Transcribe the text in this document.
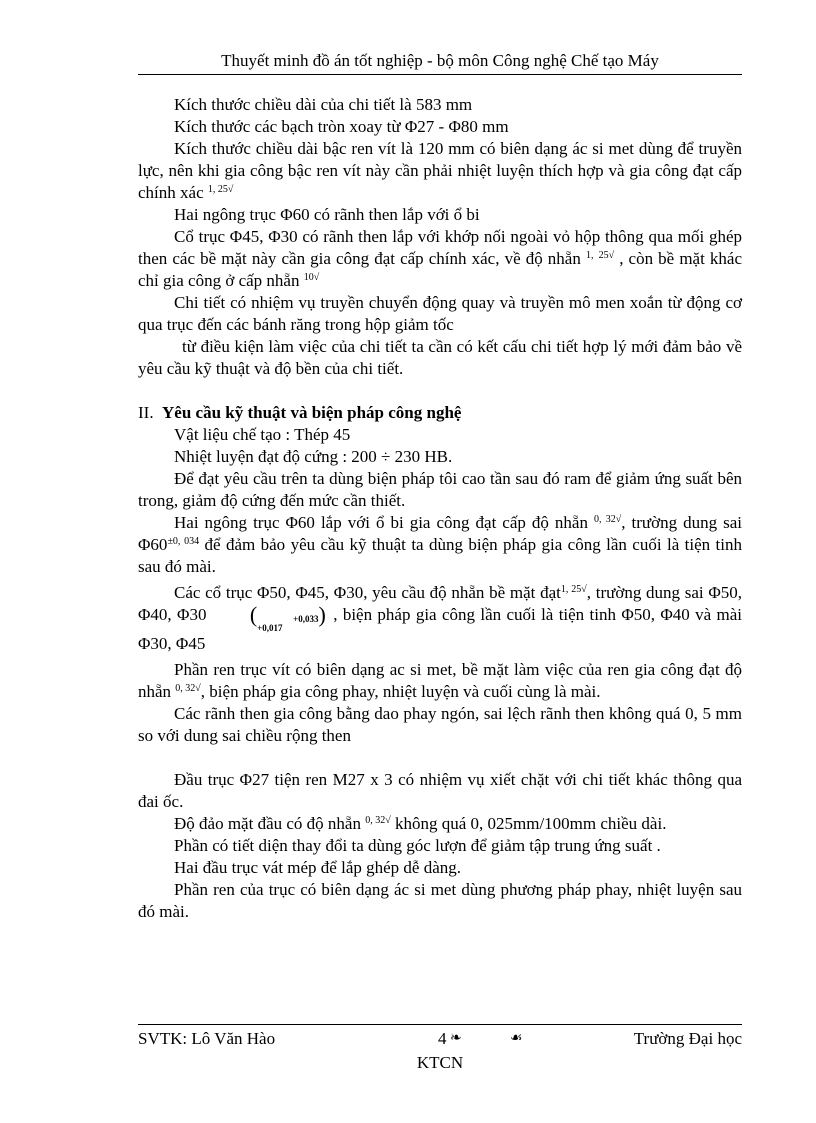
Thuyết minh đồ án tốt nghiệp - bộ môn Công nghệ Chế tạo Máy

Kích thước chiều dài của chi tiết là 583 mm

Kích thước các bạch tròn xoay từ Φ27 - Φ80 mm

Kích thước chiều dài bậc ren vít là 120 mm có biên dạng ác si met dùng để truyền lực, nên khi gia công bậc ren vít này cần phải nhiệt luyện thích hợp và gia công đạt cấp chính xác $^{1, 25√}$

Hai ngông trục Φ60 có rãnh then lắp với ổ bi

Cổ trục Φ45, Φ30 có rãnh then lắp với khớp nối ngoài vỏ hộp thông qua mối ghép then các bề mặt này cần gia công đạt cấp chính xác, về độ nhẵn $^{1,}$ $^{25√}$ , còn bề mặt khác chỉ gia công ở cấp nhẵn $^{10√}$

Chi tiết có nhiệm vụ truyền chuyển động quay và truyền mô men xoắn từ động cơ qua trục đến các bánh răng trong hộp giảm tốc

từ điều kiện làm việc của chi tiết ta cần có kết cấu chi tiết hợp lý mới đảm bảo về yêu cầu kỹ thuật và độ bền của chi tiết.

II. Yêu cầu kỹ thuật và biện pháp công nghệ

Vật liệu chế tạo : Thép 45

Nhiệt luyện đạt độ cứng : 200 ÷ 230 HB.

Để đạt yêu cầu trên ta dùng biện pháp tôi cao tần sau đó ram để giảm ứng suất bên trong, giảm độ cứng đến mức cần thiết.

Hai ngông trục Φ60 lắp với ổ bi gia công đạt cấp độ nhẵn $^{0, 32√}$, trường dung sai $\Phi 60^{\pm 0, 034}$ để đảm bảo yêu cầu kỹ thuật ta dùng biện pháp gia công lần cuối là tiện tinh sau đó mài.

Các cổ trục Φ50, Φ45, Φ30, yêu cầu độ nhẵn bề mặt đạt$^{1, 25√}$, trường dung sai Φ50, Φ40, Φ30 (	+0,033
+0,017) , biện pháp gia công lần cuối là tiện tinh Φ50, Φ40 và mài Φ30, Φ45

Phần ren trục vít có biên dạng ac si met, bề mặt làm việc của ren gia công đạt độ nhẵn $^{0, 32√}$, biện pháp gia công phay, nhiệt luyện và cuối cùng là mài.

Các rãnh then gia công bằng dao phay ngón, sai lệch rãnh then không quá 0, 5 mm so với dung sai chiều rộng then

Đầu trục Φ27 tiện ren M27 x 3 có nhiệm vụ xiết chặt với chi tiết khác thông qua đai ốc.

Độ đảo mặt đầu có độ nhẵn $^{0, 32√}$ không quá 0, 025mm/100mm chiều dài.

Phần có tiết diện thay đổi ta dùng góc lượn để giảm tập trung ứng suất .

Hai đầu trục vát mép để lắp ghép dễ dàng.

Phần ren của trục có biên dạng ác si met dùng phương pháp phay, nhiệt luyện sau đó mài.

SVTK: Lô Văn Hào	4 ❧	☙	Trường Đại học
KTCN
